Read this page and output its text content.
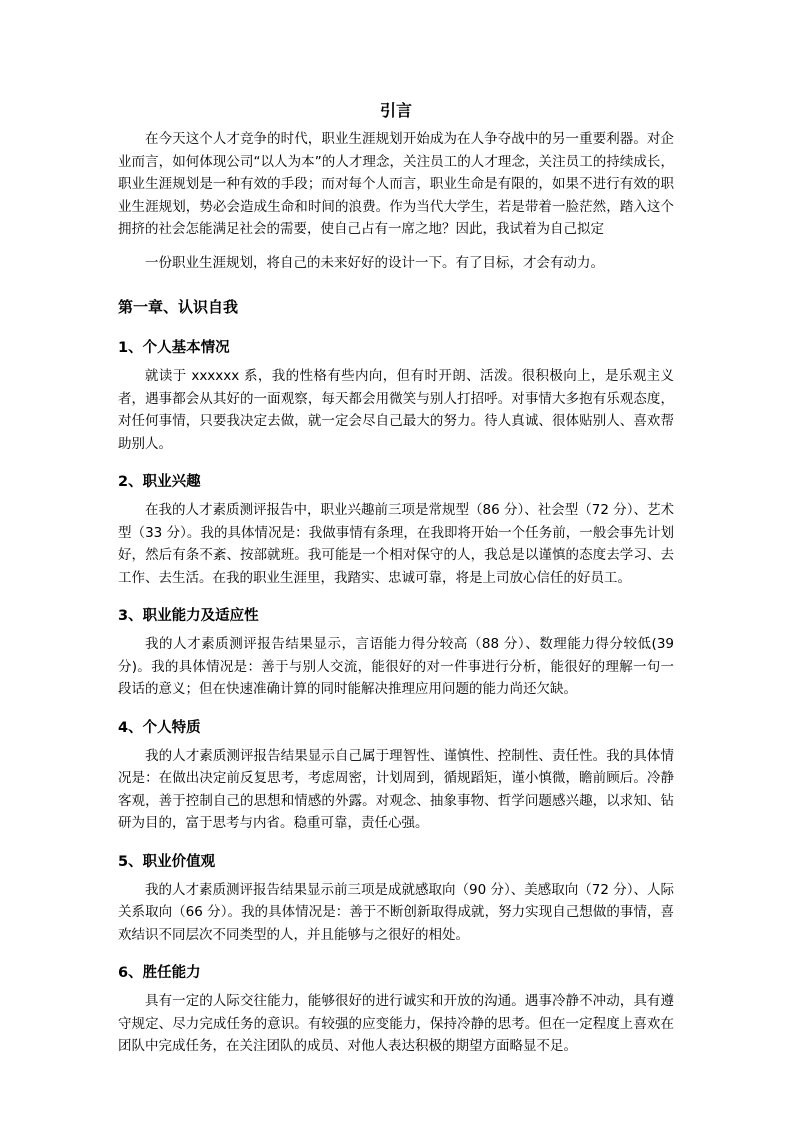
引言

在今天这个人才竞争的时代，职业生涯规划开始成为在人争夺战中的另一重要利器。对企业而言，如何体现公司“以人为本”的人才理念，关注员工的人才理念，关注员工的持续成长，职业生涯规划是一种有效的手段；而对每个人而言，职业生命是有限的，如果不进行有效的职业生涯规划，势必会造成生命和时间的浪费。作为当代大学生，若是带着一脸茫然，踏入这个拥挤的社会怎能满足社会的需要，使自己占有一席之地？因此，我试着为自己拟定

一份职业生涯规划，将自己的未来好好的设计一下。有了目标，才会有动力。

第一章、认识自我
1、个人基本情况

就读于 xxxxxx 系，我的性格有些内向，但有时开朗、活泼。很积极向上，是乐观主义者，遇事都会从其好的一面观察，每天都会用微笑与别人打招呼。对事情大多抱有乐观态度，对任何事情，只要我决定去做，就一定会尽自己最大的努力。待人真诚、很体贴别人、喜欢帮助别人。

2、职业兴趣

在我的人才素质测评报告中，职业兴趣前三项是常规型（86 分）、社会型（72 分）、艺术型（33 分）。我的具体情况是：我做事情有条理，在我即将开始一个任务前，一般会事先计划好，然后有条不紊、按部就班。我可能是一个相对保守的人，我总是以谨慎的态度去学习、去工作、去生活。在我的职业生涯里，我踏实、忠诚可靠，将是上司放心信任的好员工。

3、职业能力及适应性

我的人才素质测评报告结果显示，言语能力得分较高（88 分）、数理能力得分较低(39 分)。我的具体情况是：善于与别人交流，能很好的对一件事进行分析，能很好的理解一句一段话的意义；但在快速准确计算的同时能解决推理应用问题的能力尚还欠缺。

4、个人特质

我的人才素质测评报告结果显示自己属于理智性、谨慎性、控制性、责任性。我的具体情况是：在做出决定前反复思考，考虑周密，计划周到，循规蹈矩，谨小慎微，瞻前顾后。冷静客观，善于控制自己的思想和情感的外露。对观念、抽象事物、哲学问题感兴趣，以求知、钻研为目的，富于思考与内省。稳重可靠，责任心强。

5、职业价值观

我的人才素质测评报告结果显示前三项是成就感取向（90 分）、美感取向（72 分）、人际关系取向（66 分）。我的具体情况是：善于不断创新取得成就，努力实现自己想做的事情，喜欢结识不同层次不同类型的人，并且能够与之很好的相处。

6、胜任能力

具有一定的人际交往能力，能够很好的进行诚实和开放的沟通。遇事冷静不冲动，具有遵守规定、尽力完成任务的意识。有较强的应变能力，保持冷静的思考。但在一定程度上喜欢在团队中完成任务，在关注团队的成员、对他人表达积极的期望方面略显不足。
